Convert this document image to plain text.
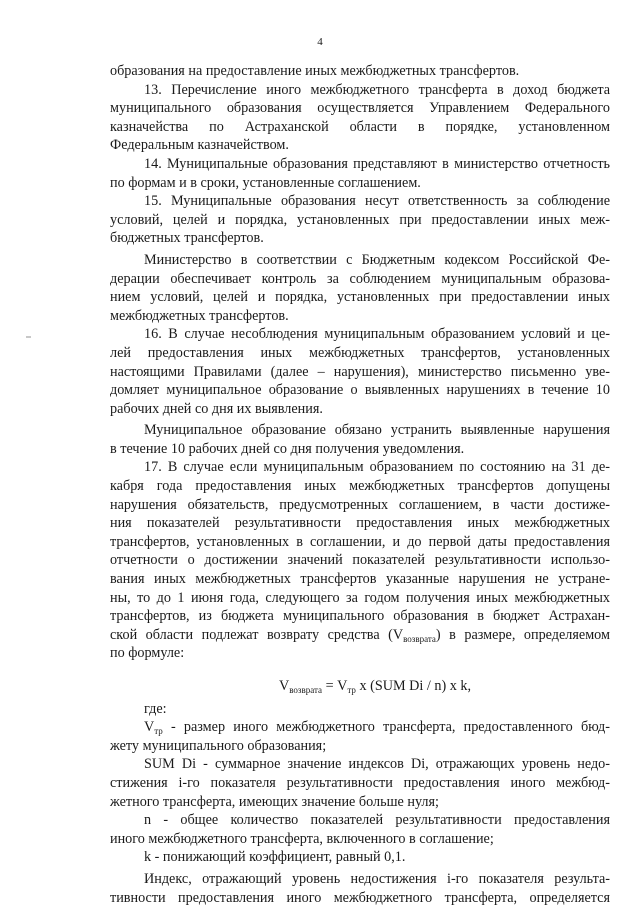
4
образования на предоставление иных межбюджетных трансфертов.
13. Перечисление иного межбюджетного трансферта в доход бюджета
муниципального образования осуществляется Управлением Федерального
казначейства по Астраханской области в порядке, установленном
Федеральным казначейством.
14. Муниципальные образования представляют в министерство отчетность
по формам и в сроки, установленные соглашением.
15. Муниципальные образования несут ответственность за соблюдение
условий, целей и порядка, установленных при предоставлении иных меж-
бюджетных трансфертов.
Министерство в соответствии с Бюджетным кодексом Российской Фе-
дерации обеспечивает контроль за соблюдением муниципальным образова-
нием условий, целей и порядка, установленных при предоставлении иных
межбюджетных трансфертов.
16. В случае несоблюдения муниципальным образованием условий и це-
лей предоставления иных межбюджетных трансфертов, установленных
настоящими Правилами (далее – нарушения), министерство письменно уве-
домляет муниципальное образование о выявленных нарушениях в течение 10
рабочих дней со дня их выявления.
Муниципальное образование обязано устранить выявленные нарушения
в течение 10 рабочих дней со дня получения уведомления.
17. В случае если муниципальным образованием по состоянию на 31 де-
кабря года предоставления иных межбюджетных трансфертов допущены
нарушения обязательств, предусмотренных соглашением, в части достиже-
ния показателей результативности предоставления иных межбюджетных
трансфертов, установленных в соглашении, и до первой даты предоставления
отчетности о достижении значений показателей результативности использо-
вания иных межбюджетных трансфертов указанные нарушения не устране-
ны, то до 1 июня года, следующего за годом получения иных межбюджетных
трансфертов, из бюджета муниципального образования в бюджет Астрахан-
ской области подлежат возврату средства $(V_{возврата})$ в размере, определяемом
по формуле:
$V_{возврата} = V_{тр}$ x (SUM Di / n) x k,
где:
$V_{тр}$ - размер иного межбюджетного трансферта, предоставленного бюд-
жету муниципального образования;
SUM Di - суммарное значение индексов Di, отражающих уровень недо-
стижения i-го показателя результативности предоставления иного межбюд-
жетного трансферта, имеющих значение больше нуля;
n - общее количество показателей результативности предоставления
иного межбюджетного трансферта, включенного в соглашение;
k - понижающий коэффициент, равный 0,1.
Индекс, отражающий уровень недостижения i-го показателя результа-
тивности предоставления иного межбюджетного трансферта, определяется
